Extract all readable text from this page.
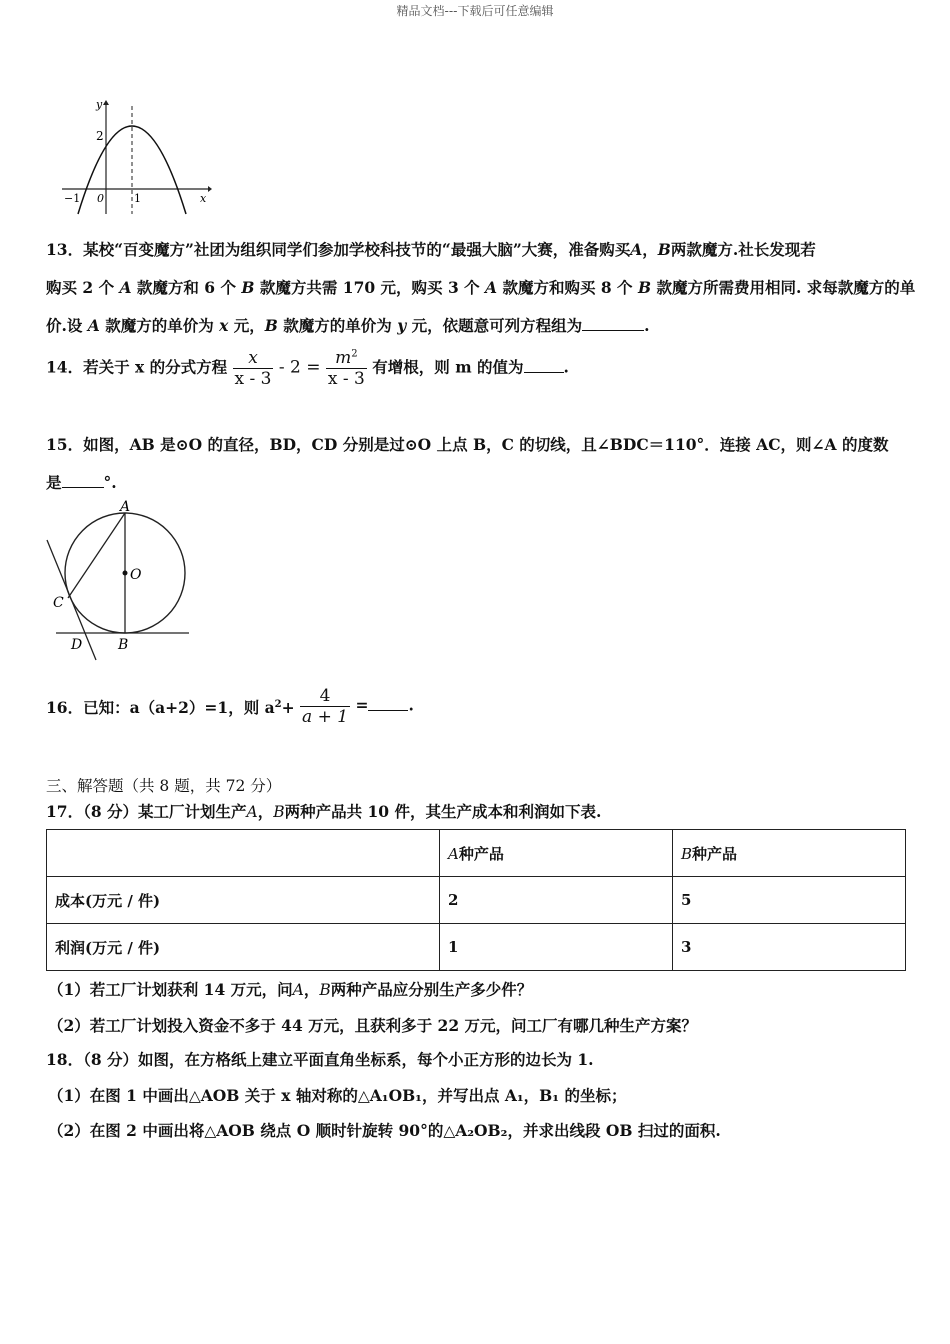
精品文档---下载后可任意编辑
y
x
2
−1 0	1
13．某校“百变魔方”社团为组织同学们参加学校科技节的“最强大脑”大赛，准备购买A，B两款魔方.社长发现若
购买 2 个 A 款魔方和 6 个 B 款魔方共需 170 元，购买 3 个 A 款魔方和购买 8 个 B 款魔方所需费用相同. 求每款魔方的单
价.设 A 款魔方的单价为 x 元，B 款魔方的单价为 y 元，依题意可列方程组为	.
14．若关于 x 的分式方程 $\frac{x}{x - 3} - 2 = \frac{m^2}{x - 3}$ 有增根，则 m 的值为	.
15．如图，AB 是⊙O 的直径，BD，CD 分别是过⊙O 上点 B，C 的切线，且∠BDC＝110°．连接 AC，则∠A 的度数
是	°.
A
O
C
D	B
16．已知：a（a+2）=1，则 $a^2+ \frac{4}{a + 1}$ =	.
三、解答题（共 8 题，共 72 分）
17．（8 分）某工厂计划生产A，B两种产品共 10 件，其生产成本和利润如下表.
	A种产品	B种产品
成本(万元 / 件)	2	5
利润(万元 / 件)	1	3
（1）若工厂计划获利 14 万元，问A，B两种产品应分别生产多少件？
（2）若工厂计划投入资金不多于 44 万元，且获利多于 22 万元，问工厂有哪几种生产方案？
18．（8 分）如图，在方格纸上建立平面直角坐标系，每个小正方形的边长为 1.
（1）在图 1 中画出△AOB 关于 x 轴对称的△A₁OB₁，并写出点 A₁，B₁ 的坐标；
（2）在图 2 中画出将△AOB 绕点 O 顺时针旋转 90°的△A₂OB₂，并求出线段 OB 扫过的面积.
